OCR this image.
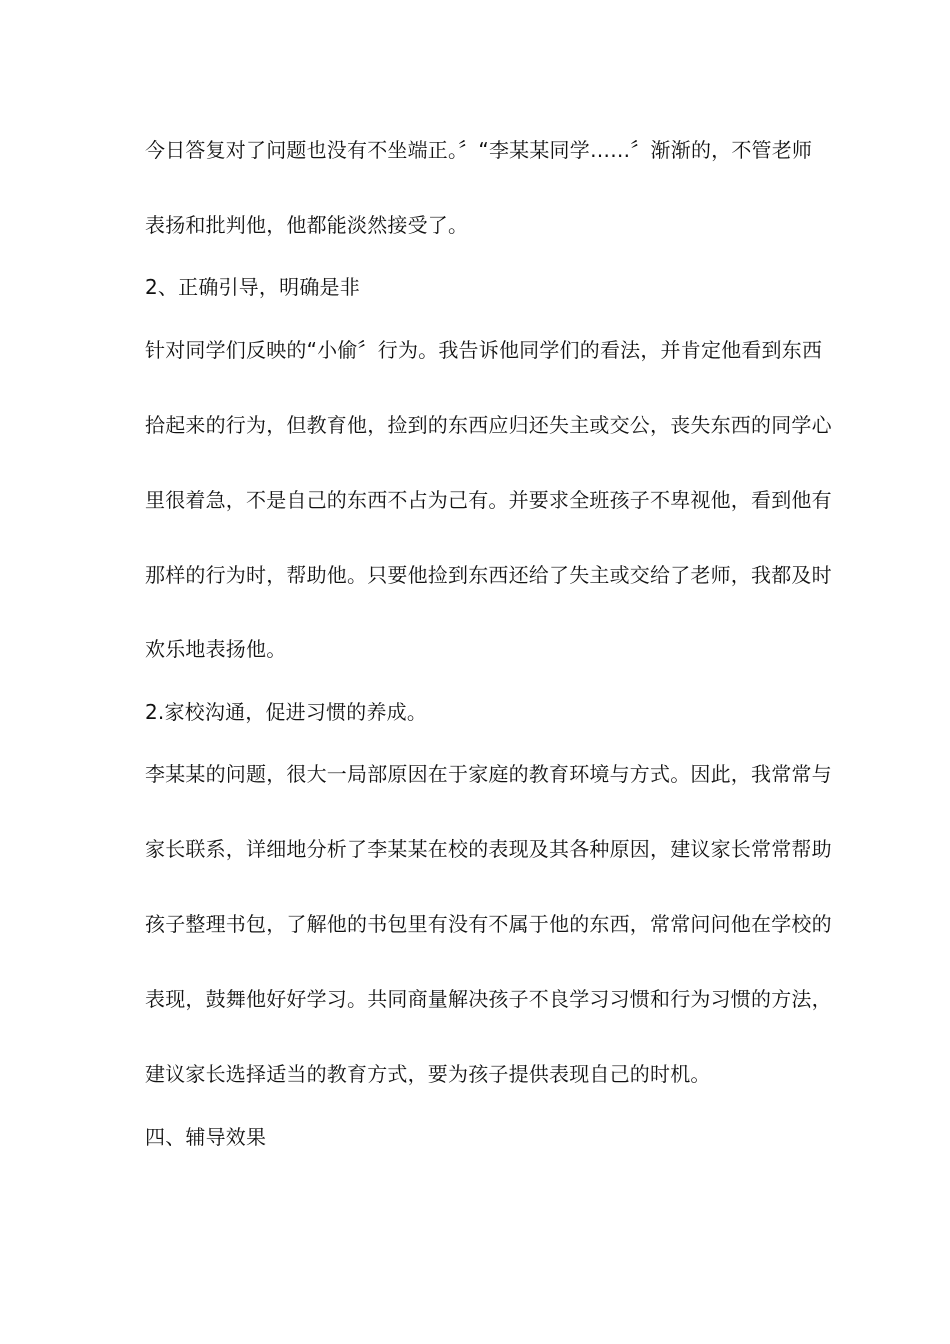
今日答复对了问题也没有不坐端正。〞“李某某同学……〞渐渐的，不管老师
表扬和批判他，他都能淡然接受了。
2、正确引导，明确是非
针对同学们反映的“小偷〞行为。我告诉他同学们的看法，并肯定他看到东西
拾起来的行为，但教育他，捡到的东西应归还失主或交公，丧失东西的同学心
里很着急，不是自己的东西不占为己有。并要求全班孩子不卑视他，看到他有
那样的行为时，帮助他。只要他捡到东西还给了失主或交给了老师，我都及时
欢乐地表扬他。
2.家校沟通，促进习惯的养成。
李某某的问题，很大一局部原因在于家庭的教育环境与方式。因此，我常常与
家长联系，详细地分析了李某某在校的表现及其各种原因，建议家长常常帮助
孩子整理书包，了解他的书包里有没有不属于他的东西，常常问问他在学校的
表现，鼓舞他好好学习。共同商量解决孩子不良学习习惯和行为习惯的方法，
建议家长选择适当的教育方式，要为孩子提供表现自己的时机。
四、辅导效果
